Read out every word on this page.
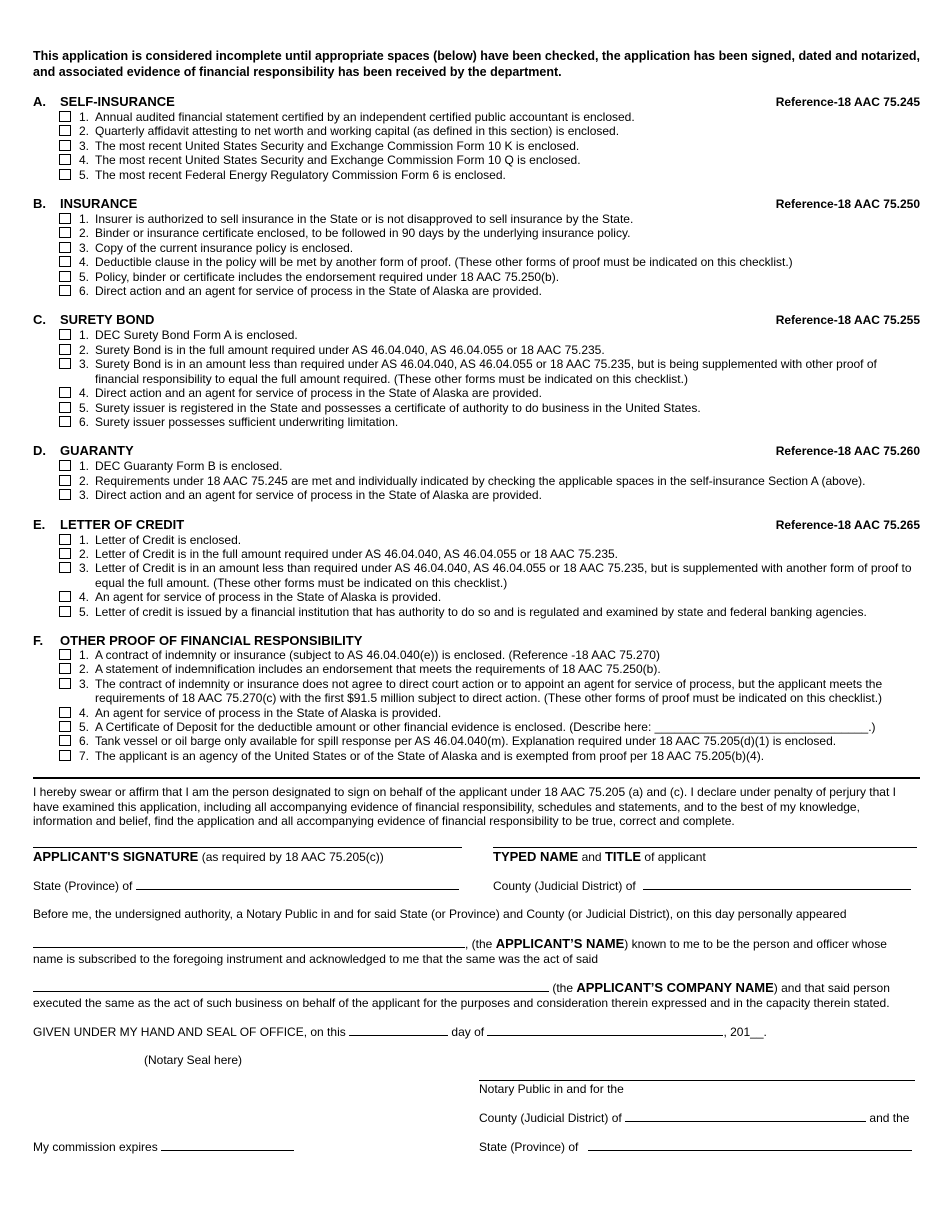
This application is considered incomplete until appropriate spaces (below) have been checked, the application has been signed, dated and notarized, and associated evidence of financial responsibility has been received by the department.

A. SELF-INSURANCE	Reference-18 AAC 75.245
1. Annual audited financial statement certified by an independent certified public accountant is enclosed.
2. Quarterly affidavit attesting to net worth and working capital (as defined in this section) is enclosed.
3. The most recent United States Security and Exchange Commission Form 10 K is enclosed.
4. The most recent United States Security and Exchange Commission Form 10 Q is enclosed.
5. The most recent Federal Energy Regulatory Commission Form 6 is enclosed.
B. INSURANCE	Reference-18 AAC 75.250
1. Insurer is authorized to sell insurance in the State or is not disapproved to sell insurance by the State.
2. Binder or insurance certificate enclosed, to be followed in 90 days by the underlying insurance policy.
3. Copy of the current insurance policy is enclosed.
4. Deductible clause in the policy will be met by another form of proof. (These other forms of proof must be indicated on this checklist.)
5. Policy, binder or certificate includes the endorsement required under 18 AAC 75.250(b).
6. Direct action and an agent for service of process in the State of Alaska are provided.
C. SURETY BOND	Reference-18 AAC 75.255
1. DEC Surety Bond Form A is enclosed.
2. Surety Bond is in the full amount required under AS 46.04.040, AS 46.04.055 or 18 AAC 75.235.
3. Surety Bond is in an amount less than required under AS 46.04.040, AS 46.04.055 or 18 AAC 75.235, but is being supplemented with other proof of financial responsibility to equal the full amount required. (These other forms must be indicated on this checklist.)
4. Direct action and an agent for service of process in the State of Alaska are provided.
5. Surety issuer is registered in the State and possesses a certificate of authority to do business in the United States.
6. Surety issuer possesses sufficient underwriting limitation.
D. GUARANTY	Reference-18 AAC 75.260
1. DEC Guaranty Form B is enclosed.
2. Requirements under 18 AAC 75.245 are met and individually indicated by checking the applicable spaces in the self-insurance Section A (above).
3. Direct action and an agent for service of process in the State of Alaska are provided.
E. LETTER OF CREDIT	Reference-18 AAC 75.265
1. Letter of Credit is enclosed.
2. Letter of Credit is in the full amount required under AS 46.04.040, AS 46.04.055 or 18 AAC 75.235.
3. Letter of Credit is in an amount less than required under AS 46.04.040, AS 46.04.055 or 18 AAC 75.235, but is supplemented with another form of proof to equal the full amount. (These other forms must be indicated on this checklist.)
4. An agent for service of process in the State of Alaska is provided.
5. Letter of credit is issued by a financial institution that has authority to do so and is regulated and examined by state and federal banking agencies.
F. OTHER PROOF OF FINANCIAL RESPONSIBILITY
1. A contract of indemnity or insurance (subject to AS 46.04.040(e)) is enclosed. (Reference -18 AAC 75.270)
2. A statement of indemnification includes an endorsement that meets the requirements of 18 AAC 75.250(b).
3. The contract of indemnity or insurance does not agree to direct court action or to appoint an agent for service of process, but the applicant meets the requirements of 18 AAC 75.270(c) with the first $91.5 million subject to direct action. (These other forms of proof must be indicated on this checklist.)
4. An agent for service of process in the State of Alaska is provided.
5. A Certificate of Deposit for the deductible amount or other financial evidence is enclosed. (Describe here: ________________________________.)
6. Tank vessel or oil barge only available for spill response per AS 46.04.040(m). Explanation required under 18 AAC 75.205(d)(1) is enclosed.
7. The applicant is an agency of the United States or of the State of Alaska and is exempted from proof per 18 AAC 75.205(b)(4).
I hereby swear or affirm that I am the person designated to sign on behalf of the applicant under 18 AAC 75.205 (a) and (c). I declare under penalty of perjury that I have examined this application, including all accompanying evidence of financial responsibility, schedules and statements, and to the best of my knowledge, information and belief, find the application and all accompanying evidence of financial responsibility to be true, correct and complete.
APPLICANT'S SIGNATURE (as required by 18 AAC 75.205(c))	TYPED NAME and TITLE of applicant
State (Province) of	County (Judicial District) of
Before me, the undersigned authority, a Notary Public in and for said State (or Province) and County (or Judicial District), on this day personally appeared
, (the APPLICANT’S NAME) known to me to be the person and officer whose
name is subscribed to the foregoing instrument and acknowledged to me that the same was the act of said
(the APPLICANT’S COMPANY NAME) and that said person
executed the same as the act of such business on behalf of the applicant for the purposes and consideration therein expressed and in the capacity therein stated.
GIVEN UNDER MY HAND AND SEAL OF OFFICE, on this	day of	, 201__.
(Notary Seal here)
Notary Public in and for the
County (Judicial District) of	and the
My commission expires	State (Province) of
